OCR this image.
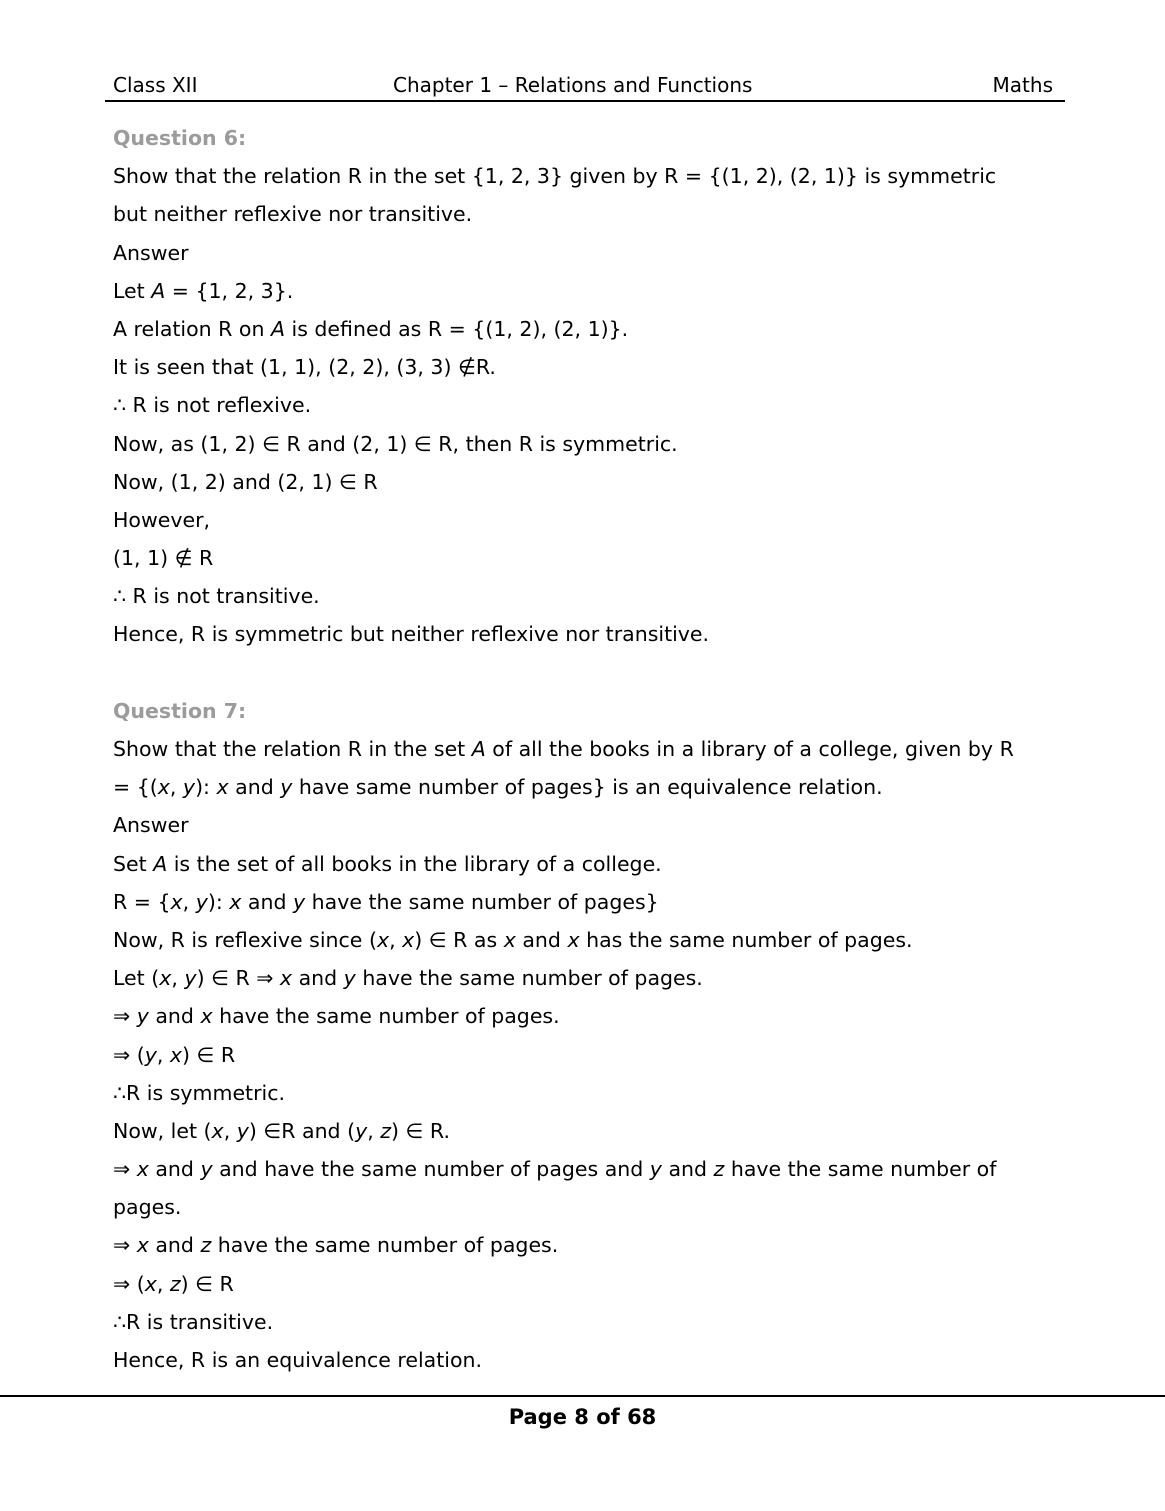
Class XII	Chapter 1 – Relations and Functions	Maths
Question 6:
Show that the relation R in the set {1, 2, 3} given by R = {(1, 2), (2, 1)} is symmetric
but neither reflexive nor transitive.
Answer
Let A = {1, 2, 3}.
A relation R on A is defined as R = {(1, 2), (2, 1)}.
It is seen that (1, 1), (2, 2), (3, 3) ∉R.
∴ R is not reflexive.
Now, as (1, 2) ∈ R and (2, 1) ∈ R, then R is symmetric.
Now, (1, 2) and (2, 1) ∈ R
However,
(1, 1) ∉ R
∴ R is not transitive.
Hence, R is symmetric but neither reflexive nor transitive.
Question 7:
Show that the relation R in the set A of all the books in a library of a college, given by R
= {(x, y): x and y have same number of pages} is an equivalence relation.
Answer
Set A is the set of all books in the library of a college.
R = {x, y): x and y have the same number of pages}
Now, R is reflexive since (x, x) ∈ R as x and x has the same number of pages.
Let (x, y) ∈ R ⇒ x and y have the same number of pages.
⇒ y and x have the same number of pages.
⇒ (y, x) ∈ R
∴R is symmetric.
Now, let (x, y) ∈R and (y, z) ∈ R.
⇒ x and y and have the same number of pages and y and z have the same number of
pages.
⇒ x and z have the same number of pages.
⇒ (x, z) ∈ R
∴R is transitive.
Hence, R is an equivalence relation.
Page 8 of 68
